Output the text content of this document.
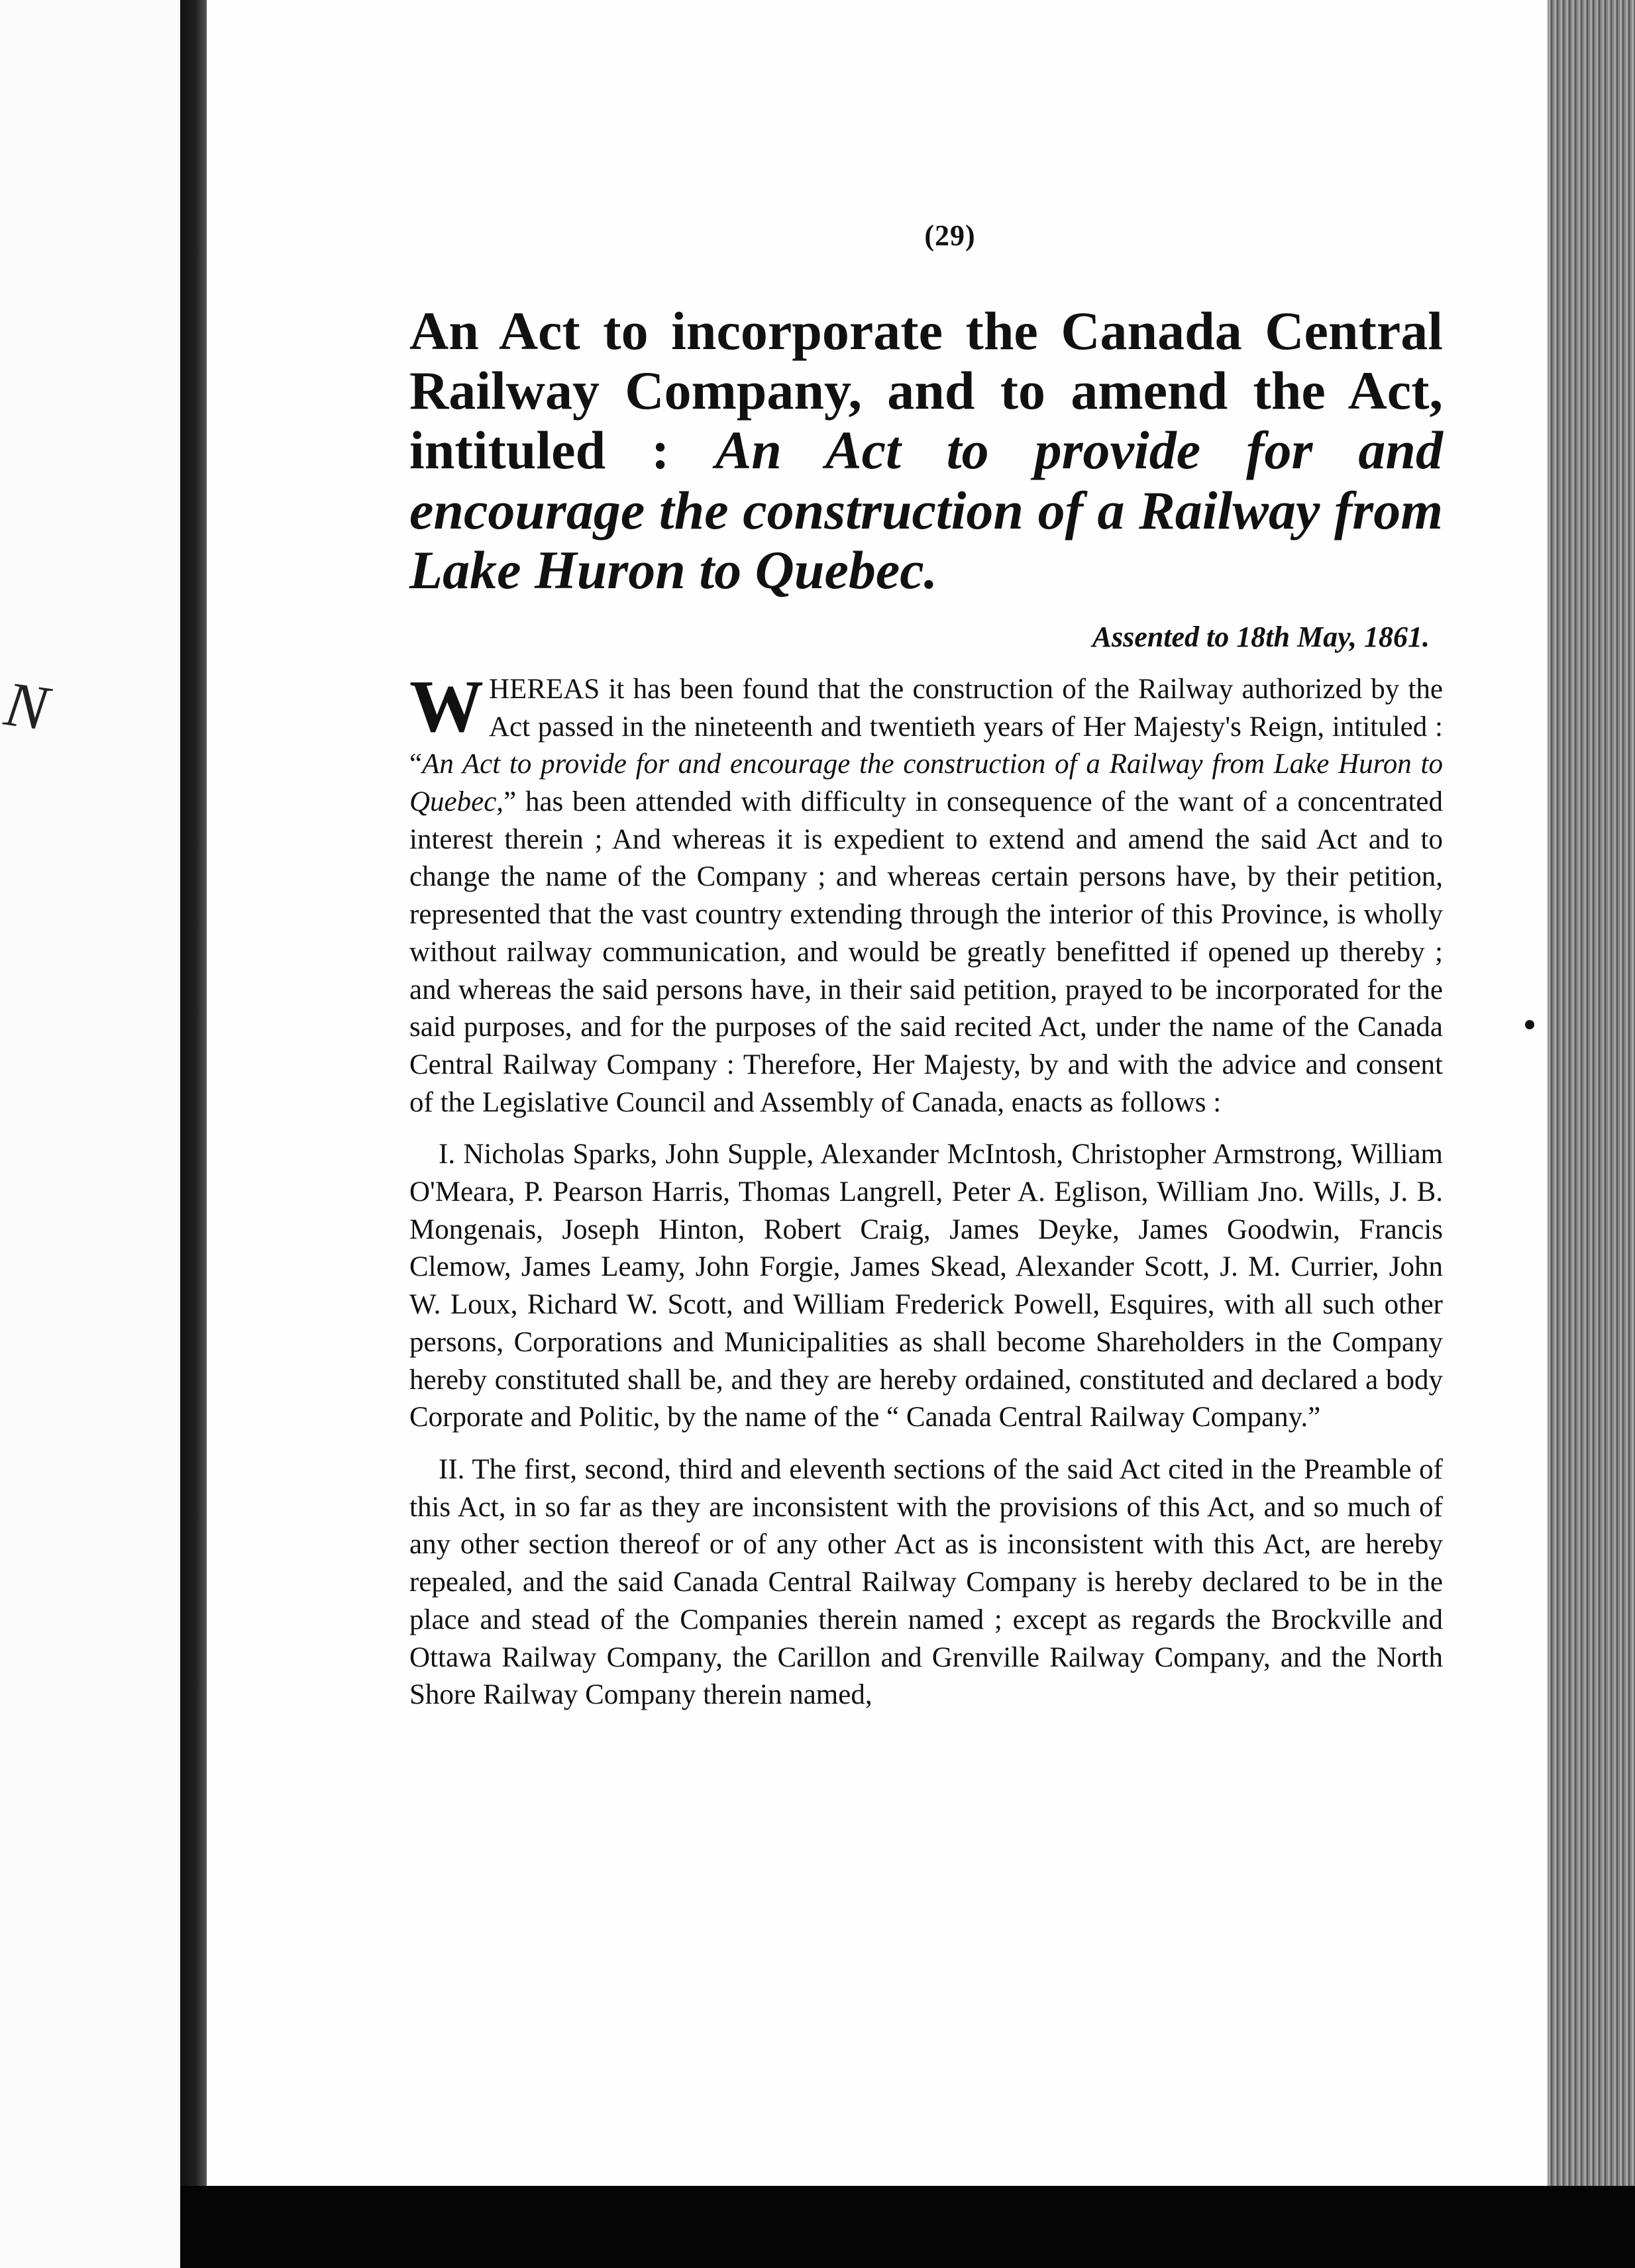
N
(29)
An Act to incorporate the Canada Central Railway Company, and to amend the Act, intituled : An Act to provide for and encourage the construction of a Railway from Lake Huron to Quebec.
Assented to 18th May, 1861.

WHEREAS it has been found that the construction of the Railway authorized by the Act passed in the nineteenth and twentieth years of Her Majesty's Reign, intituled : “An Act to provide for and encourage the construction of a Railway from Lake Huron to Quebec,” has been attended with difficulty in consequence of the want of a concentrated interest therein ; And whereas it is expedient to extend and amend the said Act and to change the name of the Company ; and whereas certain persons have, by their petition, represented that the vast country extending through the interior of this Province, is wholly without railway communication, and would be greatly benefitted if opened up thereby ; and whereas the said persons have, in their said petition, prayed to be incorporated for the said purposes, and for the purposes of the said recited Act, under the name of the Canada Central Railway Company : Therefore, Her Majesty, by and with the advice and consent of the Legislative Council and Assembly of Canada, enacts as follows :

I. Nicholas Sparks, John Supple, Alexander McIntosh, Christopher Armstrong, William O'Meara, P. Pearson Harris, Thomas Langrell, Peter A. Eglison, William Jno. Wills, J. B. Mongenais, Joseph Hinton, Robert Craig, James Deyke, James Goodwin, Francis Clemow, James Leamy, John Forgie, James Skead, Alexander Scott, J. M. Currier, John W. Loux, Richard W. Scott, and William Frederick Powell, Esquires, with all such other persons, Corporations and Municipalities as shall become Shareholders in the Company hereby constituted shall be, and they are hereby ordained, constituted and declared a body Corporate and Politic, by the name of the “ Canada Central Railway Company.”

II. The first, second, third and eleventh sections of the said Act cited in the Preamble of this Act, in so far as they are inconsistent with the provisions of this Act, and so much of any other section thereof or of any other Act as is inconsistent with this Act, are hereby repealed, and the said Canada Central Railway Company is hereby declared to be in the place and stead of the Companies therein named ; except as regards the Brockville and Ottawa Railway Company, the Carillon and Grenville Railway Company, and the North Shore Railway Company therein named,
